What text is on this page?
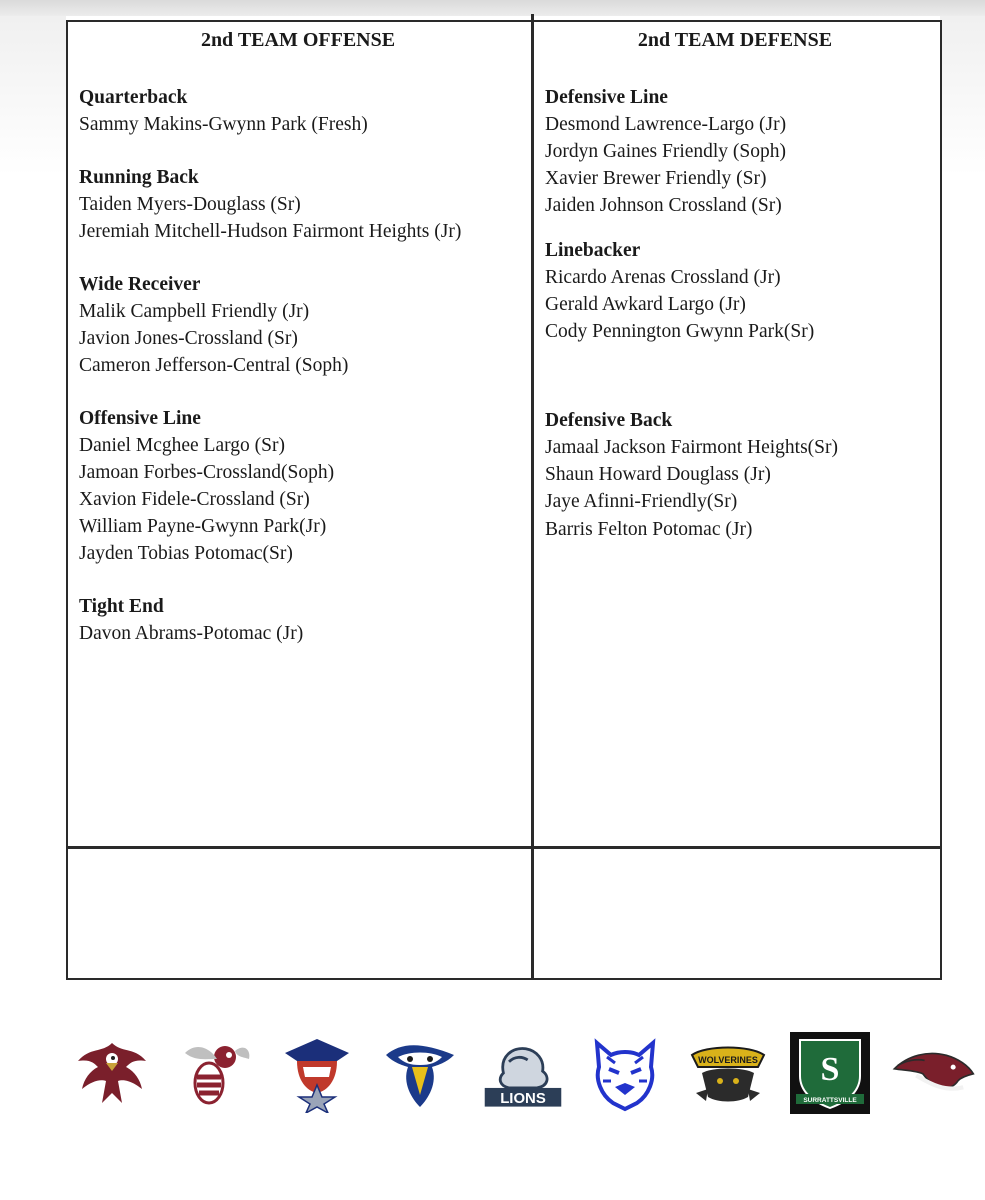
2nd TEAM OFFENSE
Quarterback
Sammy Makins-Gwynn Park (Fresh)
Running Back
Taiden Myers-Douglass (Sr)
Jeremiah Mitchell-Hudson Fairmont Heights (Jr)
Wide Receiver
Malik Campbell Friendly (Jr)
Javion Jones-Crossland (Sr)
Cameron Jefferson-Central (Soph)
Offensive Line
Daniel Mcghee Largo (Sr)
Jamoan Forbes-Crossland(Soph)
Xavion Fidele-Crossland (Sr)
William Payne-Gwynn Park(Jr)
Jayden Tobias Potomac(Sr)
Tight End
Davon Abrams-Potomac (Jr)
2nd TEAM DEFENSE
Defensive Line
Desmond Lawrence-Largo (Jr)
Jordyn Gaines Friendly (Soph)
Xavier Brewer Friendly (Sr)
Jaiden Johnson Crossland (Sr)
Linebacker
Ricardo Arenas Crossland (Jr)
Gerald Awkard Largo (Jr)
Cody Pennington Gwynn Park(Sr)
Defensive Back
Jamaal Jackson Fairmont Heights(Sr)
Shaun Howard Douglass (Jr)
Jaye Afinni-Friendly(Sr)
Barris Felton Potomac (Jr)
LIONS
WOLVERINES S
SURRATTSVILLE
